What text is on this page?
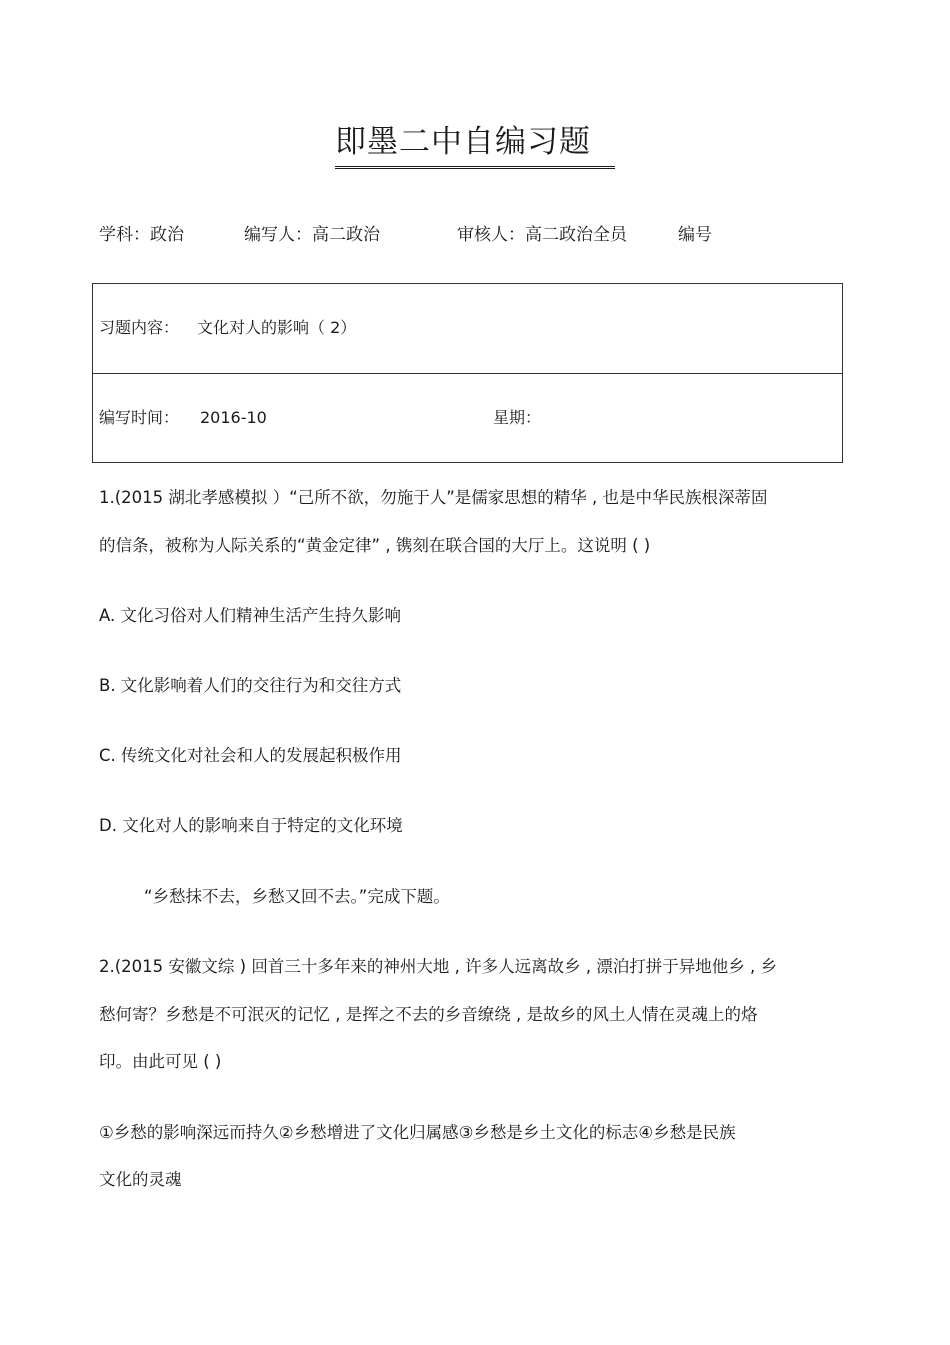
即墨二中自编习题
学科：政治	编写人：高二政治	审核人：高二政治全员	编号
习题内容： 文化对人的影响（ 2）
编写时间： 2016-10	星期：
1.(2015 湖北孝感模拟 ）“己所不欲，勿施于人”是儒家思想的精华 , 也是中华民族根深蒂固
的信条，被称为人际关系的“黄金定律” , 镌刻在联合国的大厅上。这说明 ( )
A. 文化习俗对人们精神生活产生持久影响
B. 文化影响着人们的交往行为和交往方式
C. 传统文化对社会和人的发展起积极作用
D. 文化对人的影响来自于特定的文化环境
“乡愁抹不去，乡愁又回不去。”完成下题。
2.(2015 安徽文综 ) 回首三十多年来的神州大地 , 许多人远离故乡 , 漂泊打拼于异地他乡 , 乡
愁何寄？乡愁是不可泯灭的记忆 , 是挥之不去的乡音缭绕 , 是故乡的风土人情在灵魂上的烙
印。由此可见 ( )
①乡愁的影响深远而持久②乡愁增进了文化归属感③乡愁是乡土文化的标志④乡愁是民族
文化的灵魂
